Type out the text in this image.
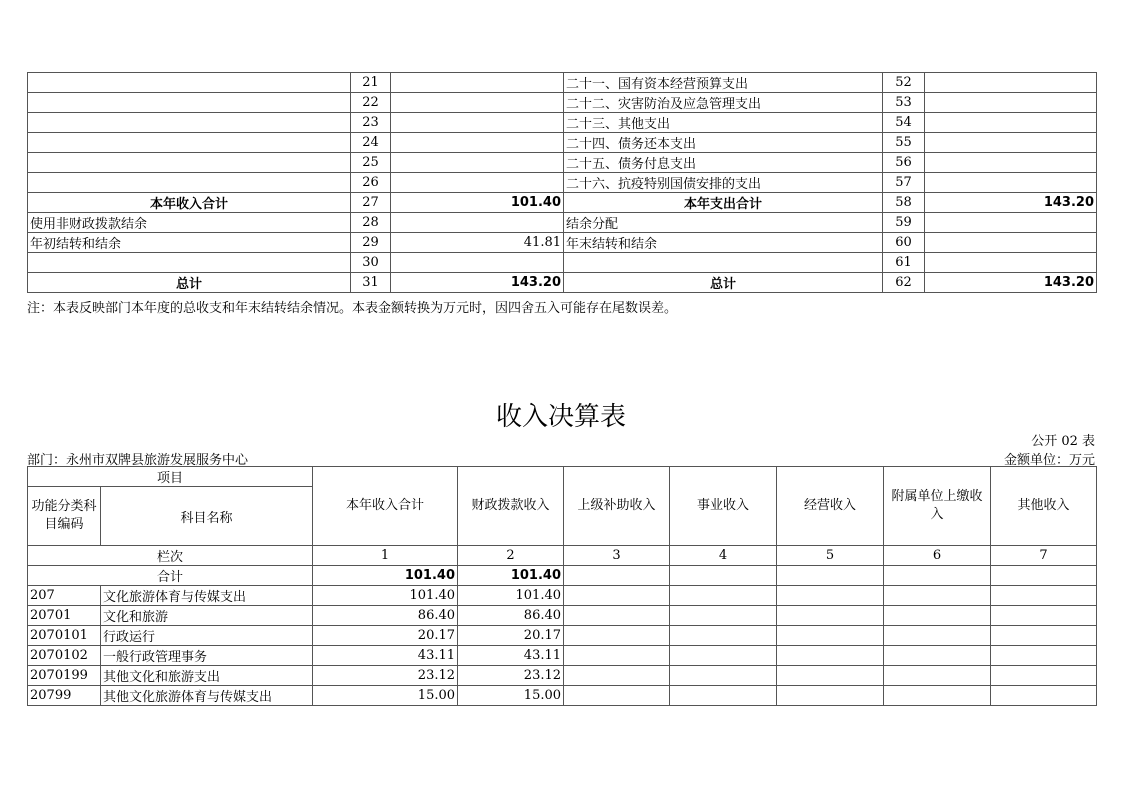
	21		二十一、国有资本经营预算支出	52	
	22		二十二、灾害防治及应急管理支出	53	
	23		二十三、其他支出	54	
	24		二十四、债务还本支出	55	
	25		二十五、债务付息支出	56	
	26		二十六、抗疫特别国债安排的支出	57	
本年收入合计	27	101.40	本年支出合计	58	143.20
使用非财政拨款结余	28		结余分配	59	
年初结转和结余	29	41.81	年末结转和结余	60	
	30			61	
总计	31	143.20	总计	62	143.20
注：本表反映部门本年度的总收支和年末结转结余情况。本表金额转换为万元时，因四舍五入可能存在尾数误差。
收入决算表
公开 02 表
部门：永州市双牌县旅游发展服务中心	金额单位：万元
项目		本年收入合计	财政拨款收入	上级补助收入	事业收入	经营收入	附属单位上缴收入	其他收入
功能分类科目编码	科目名称							

栏次		1	2	3	4	5	6	7
合计		101.40	101.40					
207	文化旅游体育与传媒支出	101.40	101.40					
20701	文化和旅游	86.40	86.40					
2070101	行政运行	20.17	20.17					
2070102	一般行政管理事务	43.11	43.11					
2070199	其他文化和旅游支出	23.12	23.12					
20799	其他文化旅游体育与传媒支出	15.00	15.00					
